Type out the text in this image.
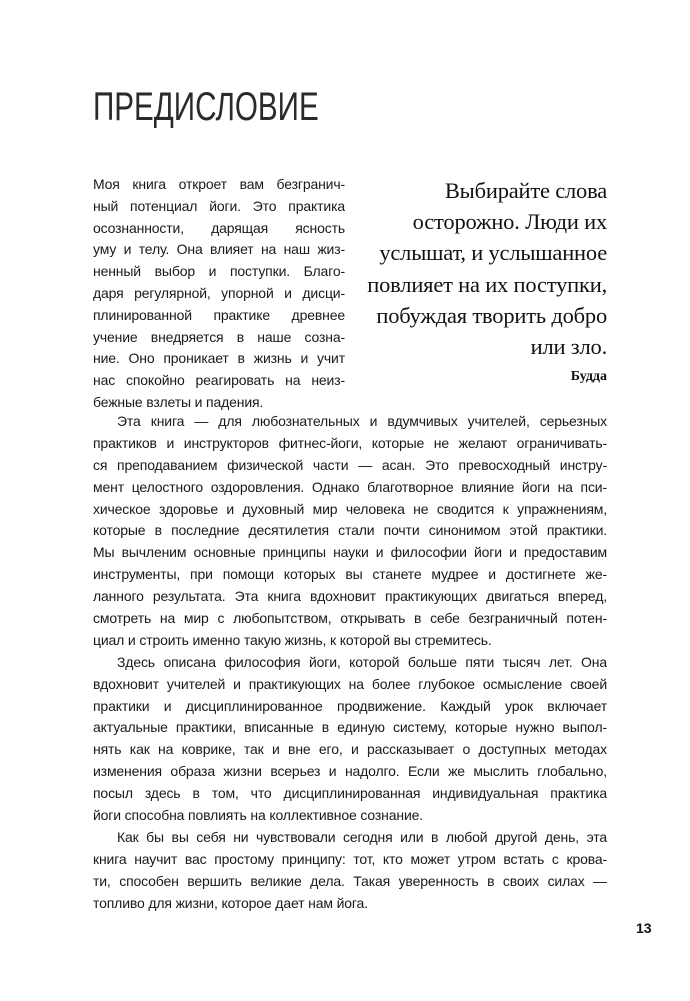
ПРЕДИСЛОВИЕ
Моя книга откроет вам безгранич-
ный потенциал йоги. Это практика
осознанности, дарящая ясность
уму и телу. Она влияет на наш жиз-
ненный выбор и поступки. Благо-
даря регулярной, упорной и дисци-
плинированной практике древнее
учение внедряется в наше созна-
ние. Оно проникает в жизнь и учит
нас спокойно реагировать на неиз-
бежные взлеты и падения.
Выбирайте слова
осторожно. Люди их
услышат, и услышанное
повлияет на их поступки,
побуждая творить добро
или зло.
Будда
Эта книга — для любознательных и вдумчивых учителей, серьезных
практиков и инструкторов фитнес-йоги, которые не желают ограничивать-
ся преподаванием физической части — асан. Это превосходный инстру-
мент целостного оздоровления. Однако благотворное влияние йоги на пси-
хическое здоровье и духовный мир человека не сводится к упражнениям,
которые в последние десятилетия стали почти синонимом этой практики.
Мы вычленим основные принципы науки и философии йоги и предоставим
инструменты, при помощи которых вы станете мудрее и достигнете же-
ланного результата. Эта книга вдохновит практикующих двигаться вперед,
смотреть на мир с любопытством, открывать в себе безграничный потен-
циал и строить именно такую жизнь, к которой вы стремитесь.
Здесь описана философия йоги, которой больше пяти тысяч лет. Она
вдохновит учителей и практикующих на более глубокое осмысление своей
практики и дисциплинированное продвижение. Каждый урок включает
актуальные практики, вписанные в единую систему, которые нужно выпол-
нять как на коврике, так и вне его, и рассказывает о доступных методах
изменения образа жизни всерьез и надолго. Если же мыслить глобально,
посыл здесь в том, что дисциплинированная индивидуальная практика
йоги способна повлиять на коллективное сознание.
Как бы вы себя ни чувствовали сегодня или в любой другой день, эта
книга научит вас простому принципу: тот, кто может утром встать с крова-
ти, способен вершить великие дела. Такая уверенность в своих силах —
топливо для жизни, которое дает нам йога.
13
